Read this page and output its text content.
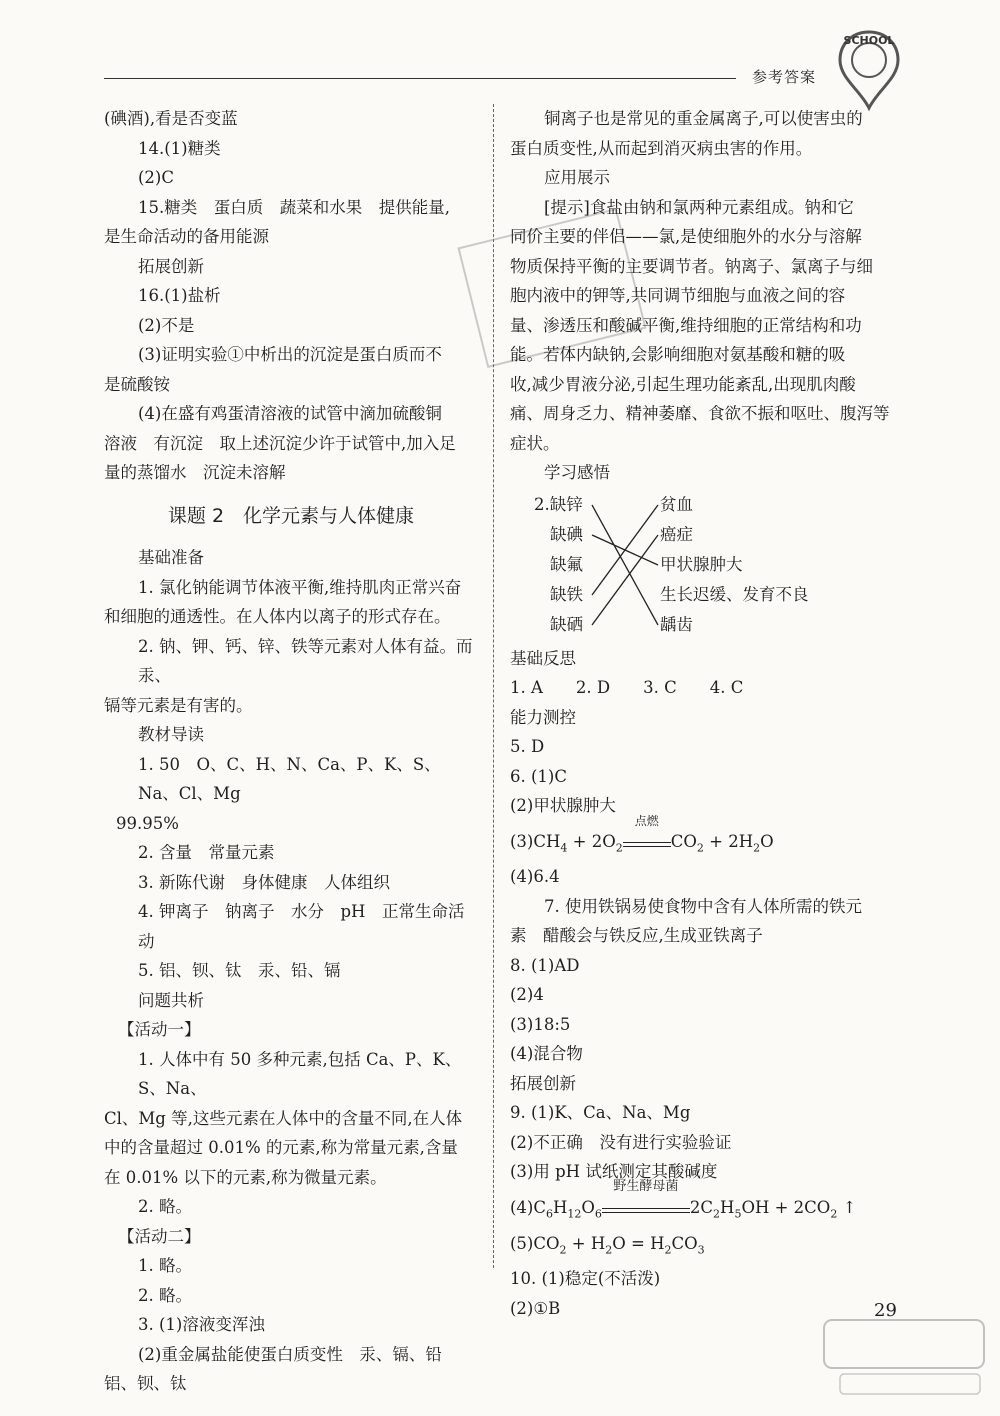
参考答案
SCHOOL
(碘酒),看是否变蓝
14.(1)糖类
(2)C
15.糖类　蛋白质　蔬菜和水果　提供能量,
是生命活动的备用能源
拓展创新
16.(1)盐析
(2)不是
(3)证明实验①中析出的沉淀是蛋白质而不
是硫酸铵
(4)在盛有鸡蛋清溶液的试管中滴加硫酸铜
溶液　有沉淀　取上述沉淀少许于试管中,加入足
量的蒸馏水　沉淀未溶解
课题 2　化学元素与人体健康
基础准备
1. 氯化钠能调节体液平衡,维持肌肉正常兴奋
和细胞的通透性。在人体内以离子的形式存在。
2. 钠、钾、钙、锌、铁等元素对人体有益。而汞、
镉等元素是有害的。
教材导读
1. 50　O、C、H、N、Ca、P、K、S、Na、Cl、Mg
99.95%
2. 含量　常量元素
3. 新陈代谢　身体健康　人体组织
4. 钾离子　钠离子　水分　pH　正常生命活动
5. 铝、钡、钛　汞、铅、镉
问题共析
【活动一】
1. 人体中有 50 多种元素,包括 Ca、P、K、S、Na、
Cl、Mg 等,这些元素在人体中的含量不同,在人体
中的含量超过 0.01% 的元素,称为常量元素,含量
在 0.01% 以下的元素,称为微量元素。
2. 略。
【活动二】
1. 略。
2. 略。
3. (1)溶液变浑浊
(2)重金属盐能使蛋白质变性　汞、镉、铅
铝、钡、钛
铜离子也是常见的重金属离子,可以使害虫的
蛋白质变性,从而起到消灭病虫害的作用。
应用展示
[提示]食盐由钠和氯两种元素组成。钠和它
同价主要的伴侣——氯,是使细胞外的水分与溶解
物质保持平衡的主要调节者。钠离子、氯离子与细
胞内液中的钾等,共同调节细胞与血液之间的容
量、渗透压和酸碱平衡,维持细胞的正常结构和功
能。若体内缺钠,会影响细胞对氨基酸和糖的吸
收,减少胃液分泌,引起生理功能紊乱,出现肌肉酸
痛、周身乏力、精神萎靡、食欲不振和呕吐、腹泻等
症状。
学习感悟
2.缺锌
缺碘
缺氟
缺铁
缺硒
贫血
癌症
甲状腺肿大
生长迟缓、发育不良
龋齿
基础反思
1. A　　2. D　　3. C　　4. C
能力测控
5. D
6. (1)C
(2)甲状腺肿大
$(3)CH_4 + 2O_2$
点燃
$CO_2 + 2H_2O$
(4)6.4
7. 使用铁锅易使食物中含有人体所需的铁元
素　醋酸会与铁反应,生成亚铁离子
8. (1)AD
(2)4
(3)18:5
(4)混合物
拓展创新
9. (1)K、Ca、Na、Mg
(2)不正确　没有进行实验验证
(3)用 pH 试纸测定其酸碱度
$(4)C_6H_{12}O_6$
野生酵母菌
$2C_2H_5OH + 2CO_2$ ↑
$(5)CO_2 + H_2O = H_2CO_3$
10. (1)稳定(不活泼)
(2)①B	29
